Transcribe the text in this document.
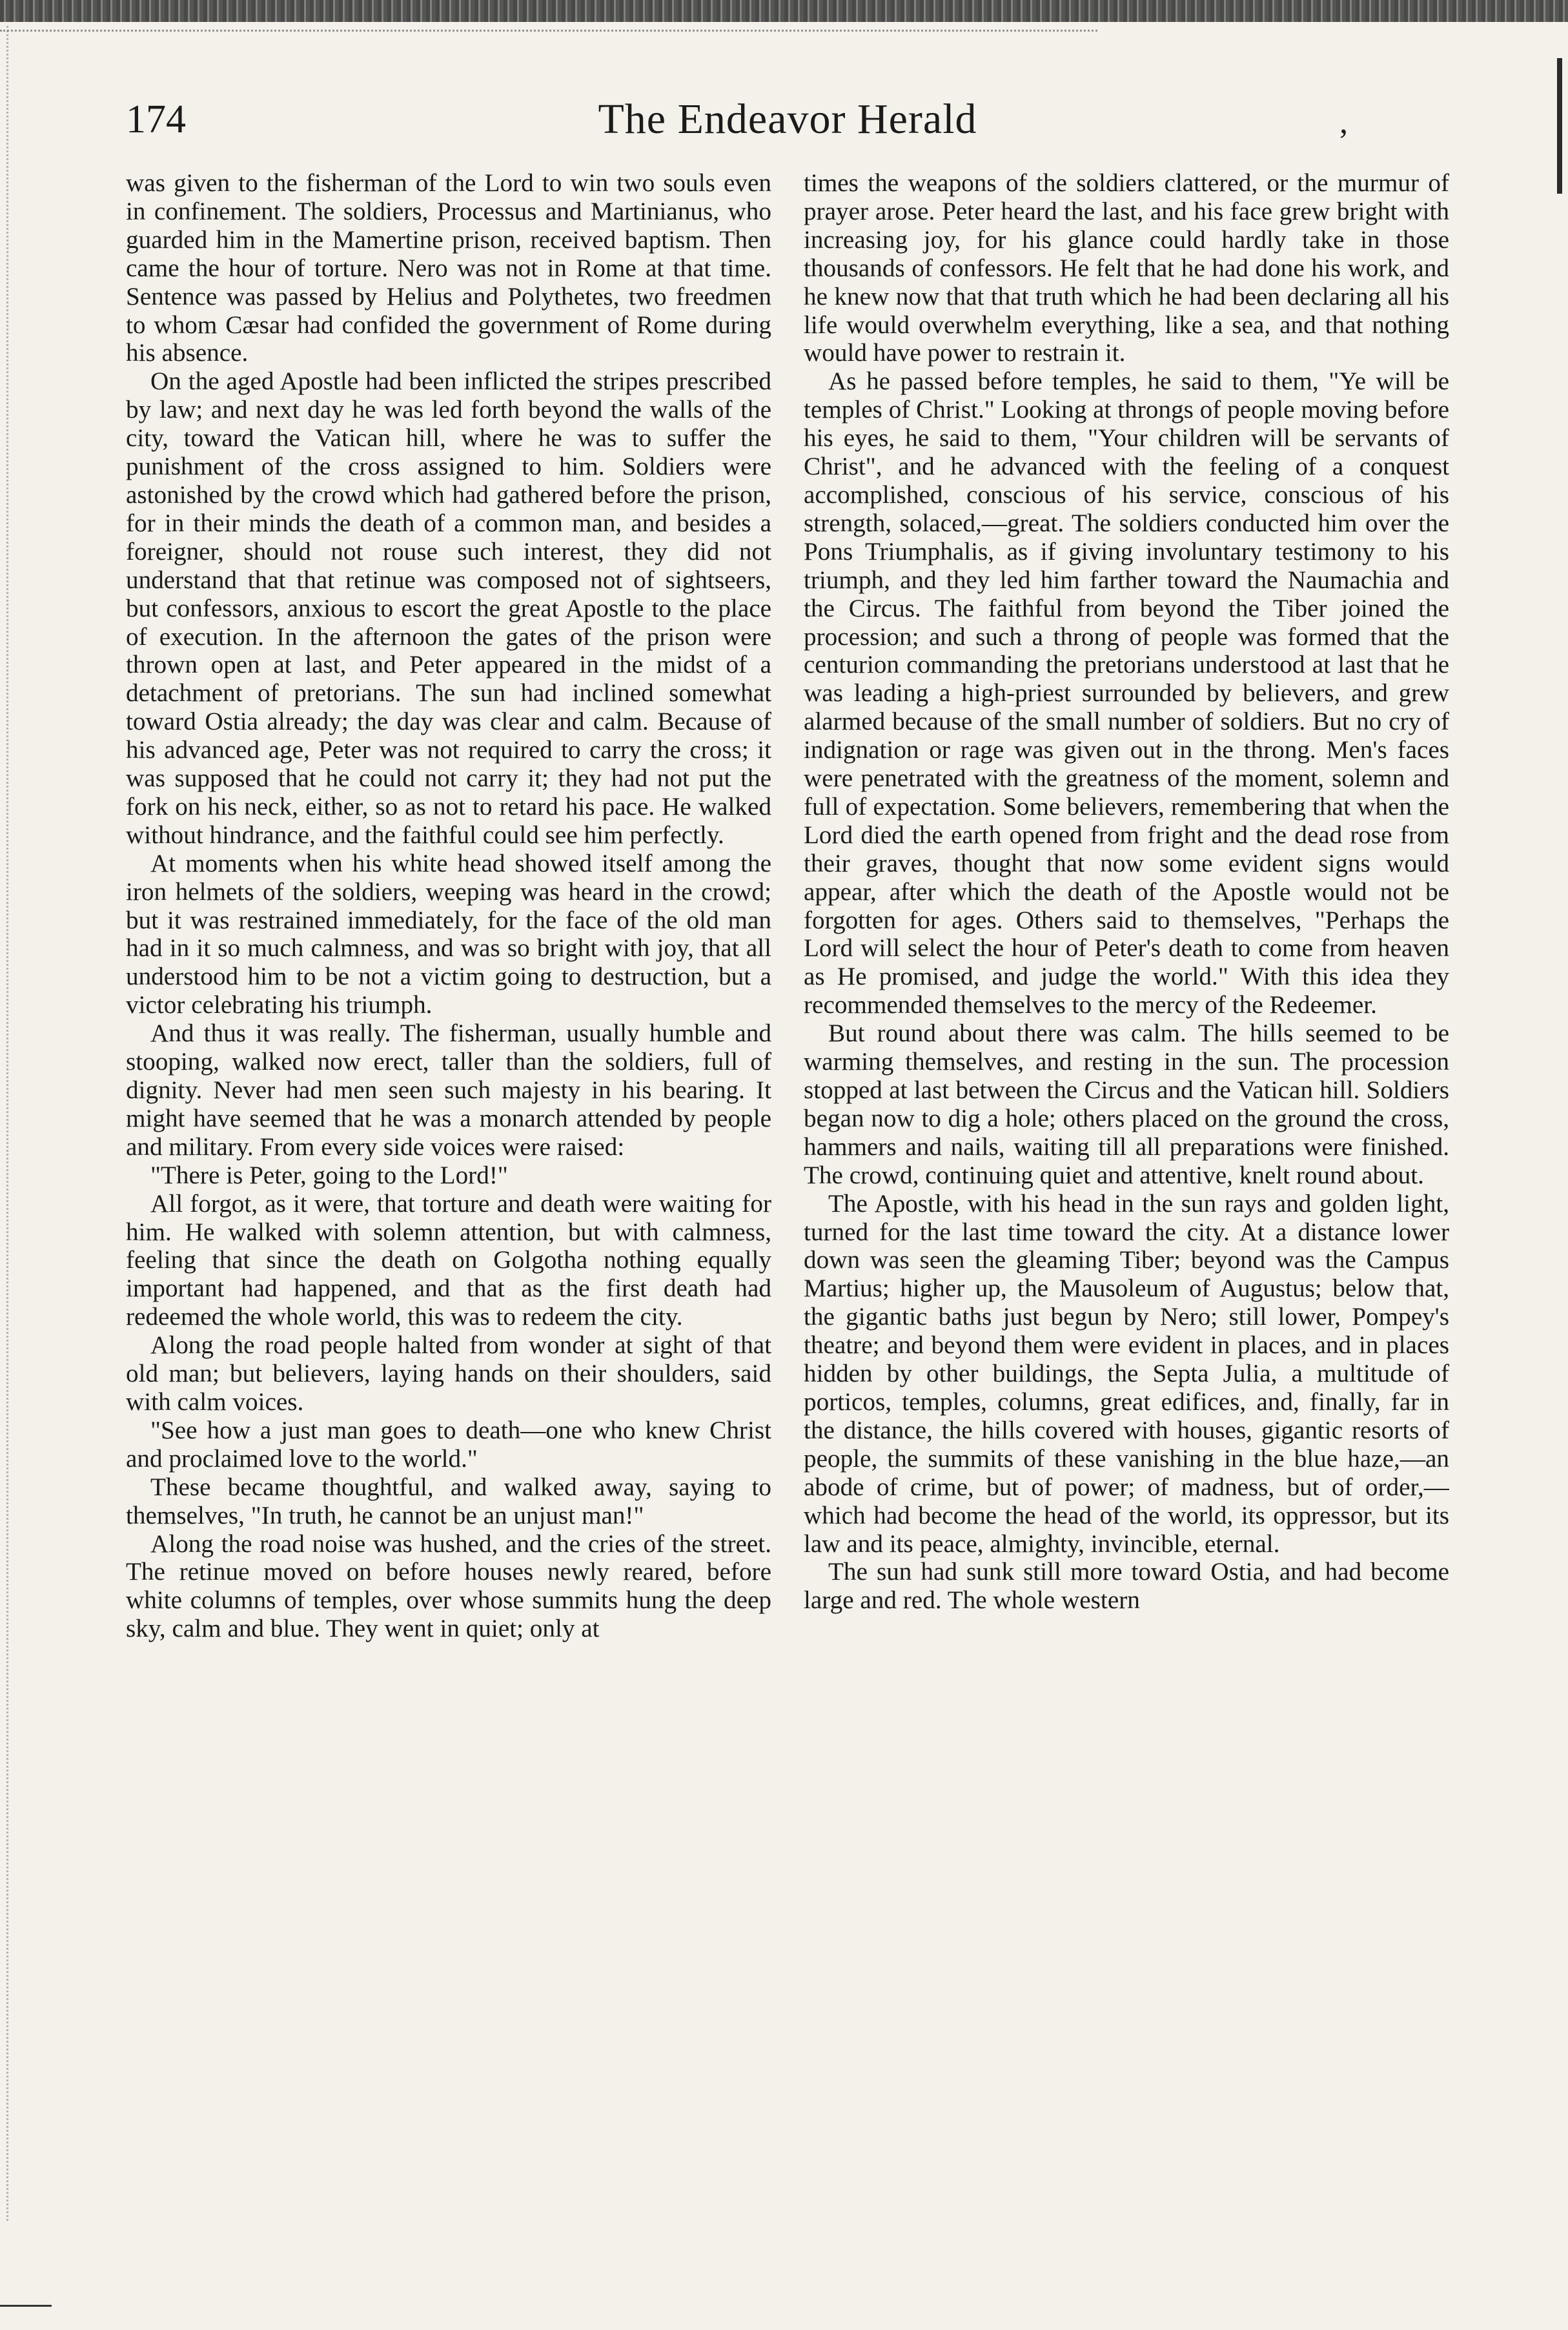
174	The Endeavor Herald	,

was given to the fisherman of the Lord to win two souls even in confinement. The soldiers, Processus and Martinianus, who guarded him in the Mamertine prison, received baptism. Then came the hour of torture. Nero was not in Rome at that time. Sentence was passed by Helius and Polythetes, two freedmen to whom Cæsar had confided the government of Rome during his absence.

On the aged Apostle had been inflicted the stripes prescribed by law; and next day he was led forth beyond the walls of the city, toward the Vatican hill, where he was to suffer the punishment of the cross assigned to him. Soldiers were astonished by the crowd which had gathered before the prison, for in their minds the death of a common man, and besides a foreigner, should not rouse such interest, they did not understand that that retinue was composed not of sightseers, but confessors, anxious to escort the great Apostle to the place of execution. In the afternoon the gates of the prison were thrown open at last, and Peter appeared in the midst of a detachment of pretorians. The sun had inclined somewhat toward Ostia already; the day was clear and calm. Because of his advanced age, Peter was not required to carry the cross; it was supposed that he could not carry it; they had not put the fork on his neck, either, so as not to retard his pace. He walked without hindrance, and the faithful could see him perfectly.

At moments when his white head showed itself among the iron helmets of the soldiers, weeping was heard in the crowd; but it was restrained immediately, for the face of the old man had in it so much calmness, and was so bright with joy, that all understood him to be not a victim going to destruction, but a victor celebrating his triumph.

And thus it was really. The fisherman, usually humble and stooping, walked now erect, taller than the soldiers, full of dignity. Never had men seen such majesty in his bearing. It might have seemed that he was a monarch attended by people and military. From every side voices were raised:

"There is Peter, going to the Lord!"

All forgot, as it were, that torture and death were waiting for him. He walked with solemn attention, but with calmness, feeling that since the death on Golgotha nothing equally important had happened, and that as the first death had redeemed the whole world, this was to redeem the city.

Along the road people halted from wonder at sight of that old man; but believers, laying hands on their shoulders, said with calm voices.

"See how a just man goes to death—one who knew Christ and proclaimed love to the world."

These became thoughtful, and walked away, saying to themselves, "In truth, he cannot be an unjust man!"

Along the road noise was hushed, and the cries of the street. The retinue moved on before houses newly reared, before white columns of temples, over whose summits hung the deep sky, calm and blue. They went in quiet; only at

times the weapons of the soldiers clattered, or the murmur of prayer arose. Peter heard the last, and his face grew bright with increasing joy, for his glance could hardly take in those thousands of confessors. He felt that he had done his work, and he knew now that that truth which he had been declaring all his life would overwhelm everything, like a sea, and that nothing would have power to restrain it.

As he passed before temples, he said to them, "Ye will be temples of Christ." Looking at throngs of people moving before his eyes, he said to them, "Your children will be servants of Christ", and he advanced with the feeling of a conquest accomplished, conscious of his service, conscious of his strength, solaced,—great. The soldiers conducted him over the Pons Triumphalis, as if giving involuntary testimony to his triumph, and they led him farther toward the Naumachia and the Circus. The faithful from beyond the Tiber joined the procession; and such a throng of people was formed that the centurion commanding the pretorians understood at last that he was leading a high-priest surrounded by believers, and grew alarmed because of the small number of soldiers. But no cry of indignation or rage was given out in the throng. Men's faces were penetrated with the greatness of the moment, solemn and full of expectation. Some believers, remembering that when the Lord died the earth opened from fright and the dead rose from their graves, thought that now some evident signs would appear, after which the death of the Apostle would not be forgotten for ages. Others said to themselves, "Perhaps the Lord will select the hour of Peter's death to come from heaven as He promised, and judge the world." With this idea they recommended themselves to the mercy of the Redeemer.

But round about there was calm. The hills seemed to be warming themselves, and resting in the sun. The procession stopped at last between the Circus and the Vatican hill. Soldiers began now to dig a hole; others placed on the ground the cross, hammers and nails, waiting till all preparations were finished. The crowd, continuing quiet and attentive, knelt round about.

The Apostle, with his head in the sun rays and golden light, turned for the last time toward the city. At a distance lower down was seen the gleaming Tiber; beyond was the Campus Martius; higher up, the Mausoleum of Augustus; below that, the gigantic baths just begun by Nero; still lower, Pompey's theatre; and beyond them were evident in places, and in places hidden by other buildings, the Septa Julia, a multitude of porticos, temples, columns, great edifices, and, finally, far in the distance, the hills covered with houses, gigantic resorts of people, the summits of these vanishing in the blue haze,—an abode of crime, but of power; of madness, but of order,—which had become the head of the world, its oppressor, but its law and its peace, almighty, invincible, eternal.

The sun had sunk still more toward Ostia, and had become large and red. The whole western
